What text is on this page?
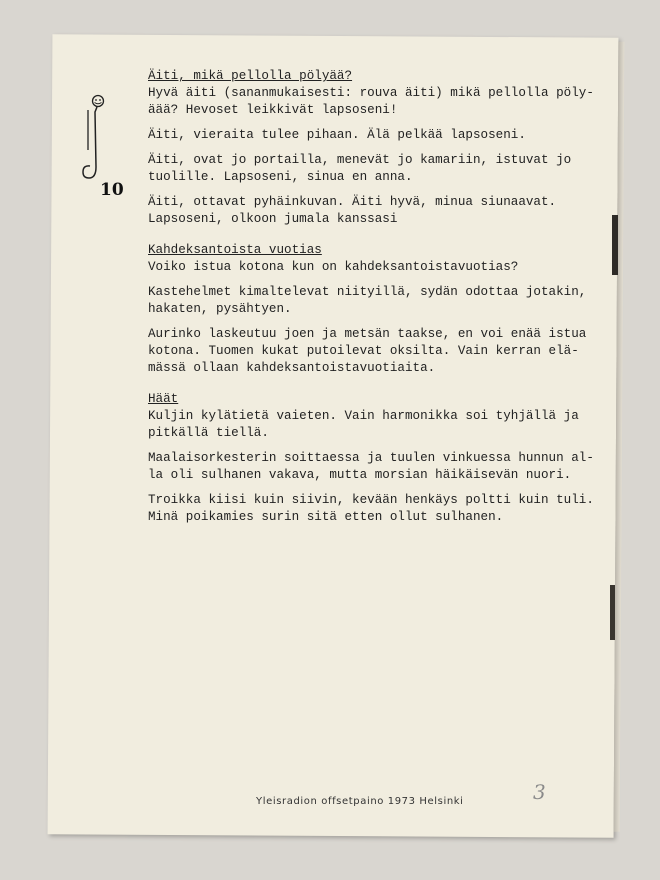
10

Äiti, mikä pellolla pölyää?

Hyvä äiti (sananmukaisesti: rouva äiti) mikä pellolla pöly-
äää? Hevoset leikkivät lapsoseni!

Äiti, vieraita tulee pihaan. Älä pelkää lapsoseni.

Äiti, ovat jo portailla, menevät jo kamariin, istuvat jo
tuolille. Lapsoseni, sinua en anna.

Äiti, ottavat pyhäinkuvan. Äiti hyvä, minua siunaavat.
Lapsoseni, olkoon jumala kanssasi

Kahdeksantoista vuotias

Voiko istua kotona kun on kahdeksantoistavuotias?

Kastehelmet kimaltelevat niityillä, sydän odottaa jotakin,
hakaten, pysähtyen.

Aurinko laskeutuu joen ja metsän taakse, en voi enää istua
kotona. Tuomen kukat putoilevat oksilta. Vain kerran elä-
mässä ollaan kahdeksantoistavuotiaita.

Häät

Kuljin kylätietä vaieten. Vain harmonikka soi tyhjällä ja
pitkällä tiellä.

Maalaisorkesterin soittaessa ja tuulen vinkuessa hunnun al-
la oli sulhanen vakava, mutta morsian häikäisevän nuori.

Troikka kiisi kuin siivin, kevään henkäys poltti kuin tuli.
Minä poikamies surin sitä etten ollut sulhanen.

Yleisradion offsetpaino 1973 Helsinki	3
